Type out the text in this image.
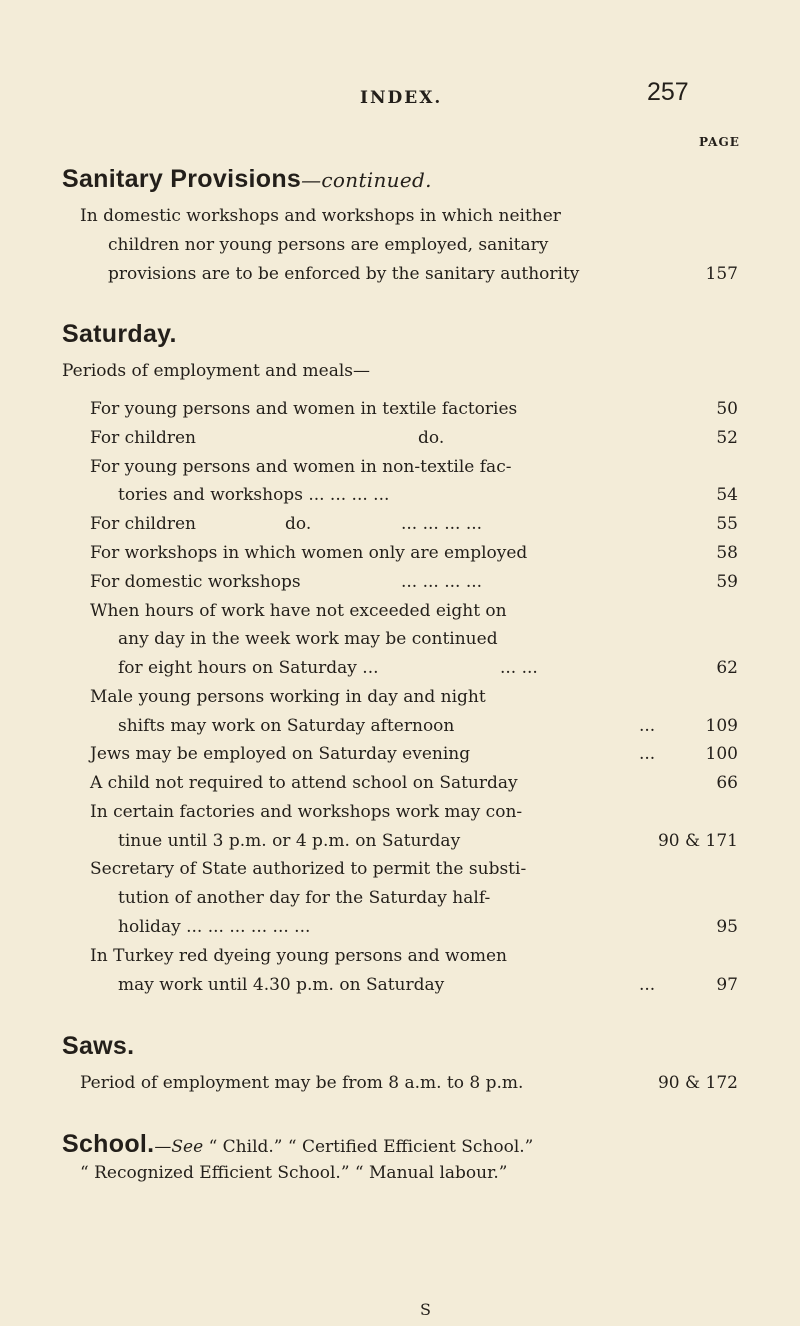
INDEX.	257
PAGE
Sanitary Provisions—continued.
In domestic workshops and workshops in which neither
children nor young persons are employed, sanitary
provisions are to be enforced by the sanitary authority	157
Saturday.
Periods of employment and meals—
For young persons and women in textile factories	50
For children	do.	52
For young persons and women in non-textile fac-
tories and workshops ... ... ... ...	54
For children	do.	... ... ... ...	55
For workshops in which women only are employed	58
For domestic workshops	... ... ... ...	59
When hours of work have not exceeded eight on
any day in the week work may be continued
for eight hours on Saturday ...	... ...	62
Male young persons working in day and night
shifts may work on Saturday afternoon	...	109
Jews may be employed on Saturday evening	...	100
A child not required to attend school on Saturday	66
In certain factories and workshops work may con-
tinue until 3 p.m. or 4 p.m. on Saturday	90 & 171
Secretary of State authorized to permit the substi-
tution of another day for the Saturday half-
holiday ... ... ... ... ... ...	95
In Turkey red dyeing young persons and women
may work until 4.30 p.m. on Saturday	...	97
Saws.
Period of employment may be from 8 a.m. to 8 p.m.	90 & 172
School.—See “ Child.” “ Certified Efficient School.”
“ Recognized Efficient School.” “ Manual labour.”
S
